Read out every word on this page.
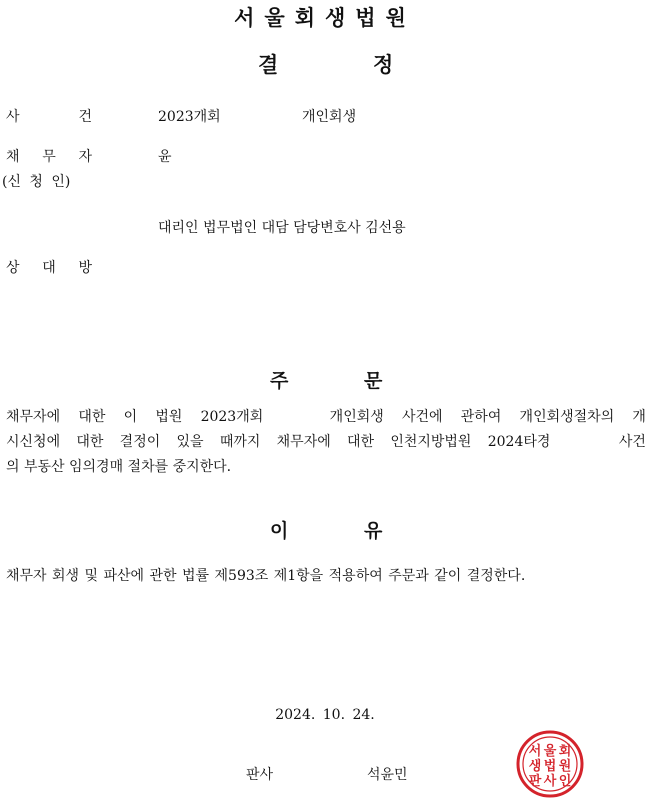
서울회생법원
결	정
사	건	2023개회	개인회생
채 무 자	윤
(신 청 인)
대리인 법무법인 대담 담당변호사 김선용
상 대 방
주	문
채무자에 대한 이 법원 2023개회	개인회생 사건에 관하여 개인회생절차의 개
시신청에 대한 결정이 있을 때까지 채무자에 대한 인천지방법원 2024타경	사건
의 부동산 임의경매 절차를 중지한다.
이	유
채무자 회생 및 파산에 관한 법률 제593조 제1항을 적용하여 주문과 같이 결정한다.
2024. 10. 24.
판사	석윤민
서 울 회
생 법 원
판 사 인
